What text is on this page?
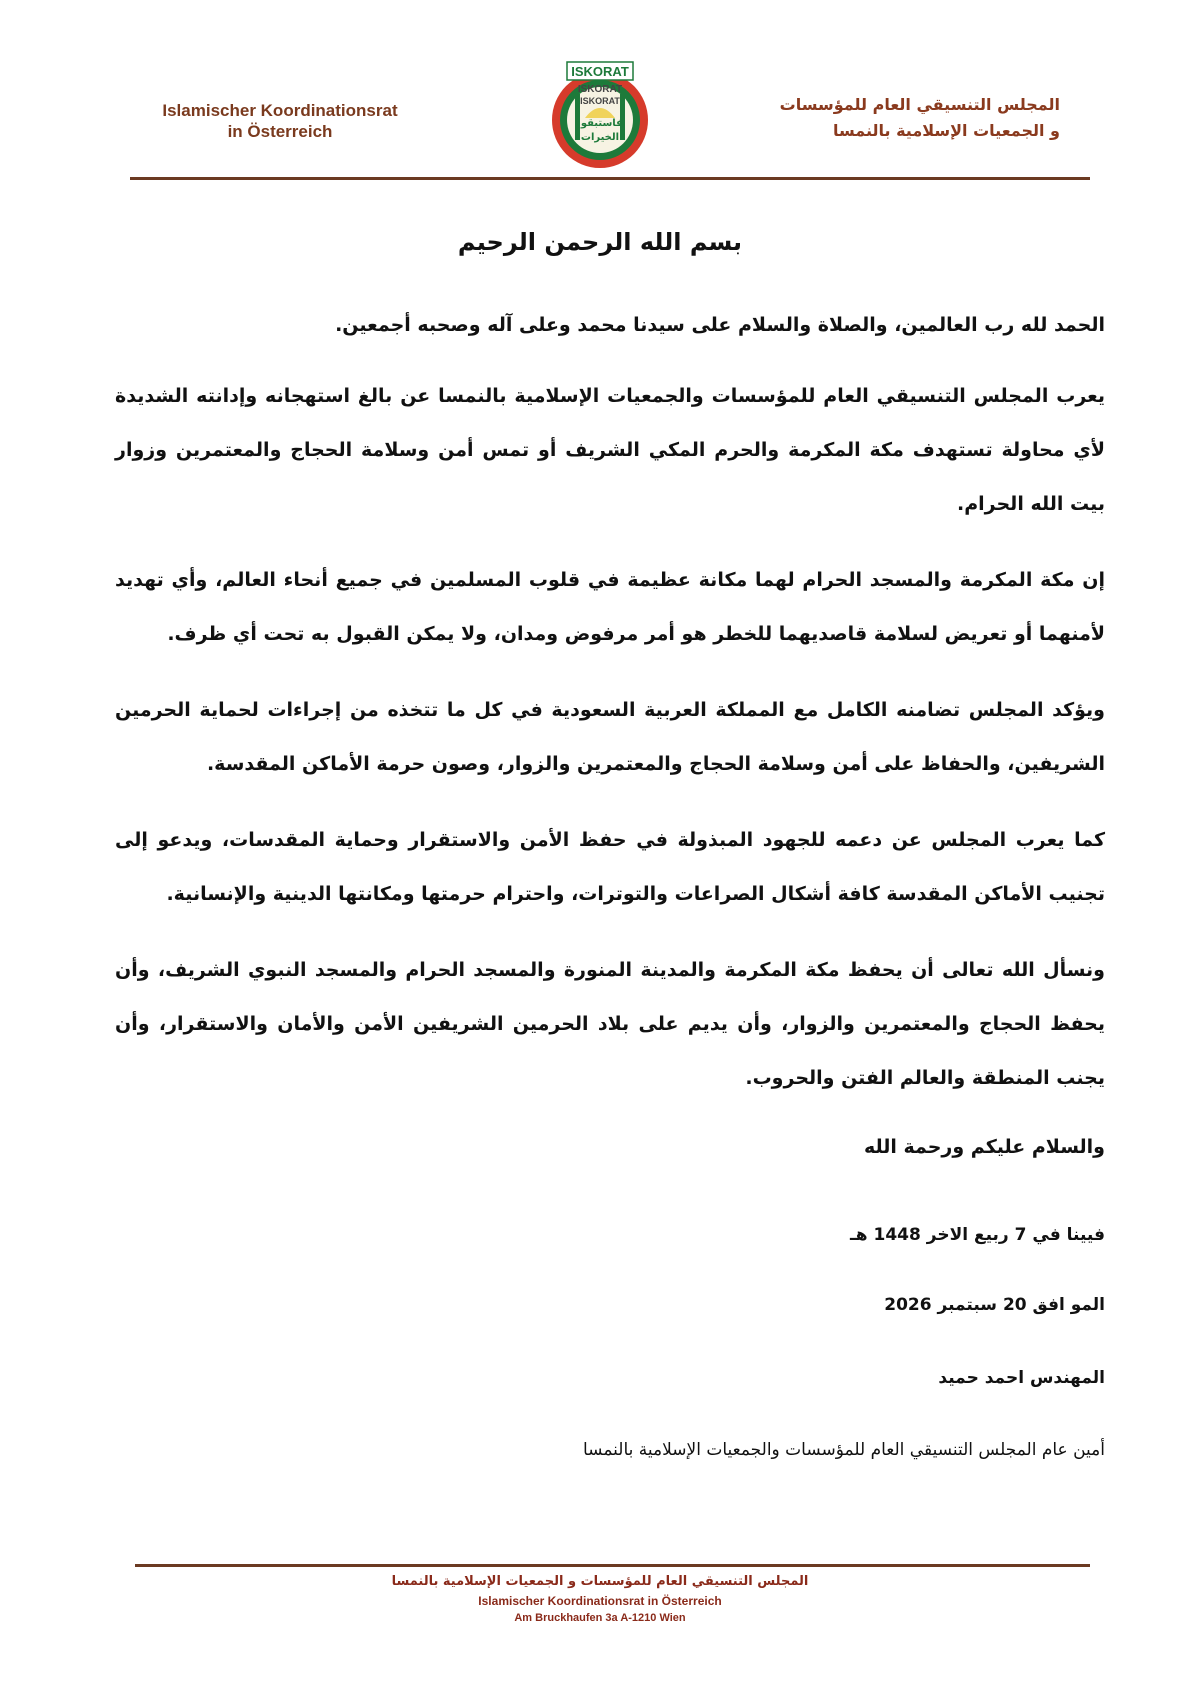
Islamischer Koordinationsrat
in Österreich
ISKORAT
ISKORAT
ISKORAT
فاستبقوا
الخيرات
المجلس التنسيقي العام للمؤسسات
و الجمعيات الإسلامية بالنمسا
بسم الله الرحمن الرحيم

الحمد لله رب العالمين، والصلاة والسلام على سيدنا محمد وعلى آله وصحبه أجمعين.

يعرب المجلس التنسيقي العام للمؤسسات والجمعيات الإسلامية بالنمسا عن بالغ استهجانه وإدانته الشديدة لأي محاولة تستهدف مكة المكرمة والحرم المكي الشريف أو تمس أمن وسلامة الحجاج والمعتمرين وزوار بيت الله الحرام.

إن مكة المكرمة والمسجد الحرام لهما مكانة عظيمة في قلوب المسلمين في جميع أنحاء العالم، وأي تهديد لأمنهما أو تعريض لسلامة قاصديهما للخطر هو أمر مرفوض ومدان، ولا يمكن القبول به تحت أي ظرف.

ويؤكد المجلس تضامنه الكامل مع المملكة العربية السعودية في كل ما تتخذه من إجراءات لحماية الحرمين الشريفين، والحفاظ على أمن وسلامة الحجاج والمعتمرين والزوار، وصون حرمة الأماكن المقدسة.

كما يعرب المجلس عن دعمه للجهود المبذولة في حفظ الأمن والاستقرار وحماية المقدسات، ويدعو إلى تجنيب الأماكن المقدسة كافة أشكال الصراعات والتوترات، واحترام حرمتها ومكانتها الدينية والإنسانية.

ونسأل الله تعالى أن يحفظ مكة المكرمة والمدينة المنورة والمسجد الحرام والمسجد النبوي الشريف، وأن يحفظ الحجاج والمعتمرين والزوار، وأن يديم على بلاد الحرمين الشريفين الأمن والأمان والاستقرار، وأن يجنب المنطقة والعالم الفتن والحروب.

والسلام عليكم ورحمة الله

فيينا في 7 ربيع الاخر 1448 هـ
المو افق 20 سبتمبر 2026
المهندس احمد حميد
أمين عام المجلس التنسيقي العام للمؤسسات والجمعيات الإسلامية بالنمسا
المجلس التنسيقي العام للمؤسسات و الجمعيات الإسلامية بالنمسا
Islamischer Koordinationsrat in Österreich
Am Bruckhaufen 3a A-1210 Wien
